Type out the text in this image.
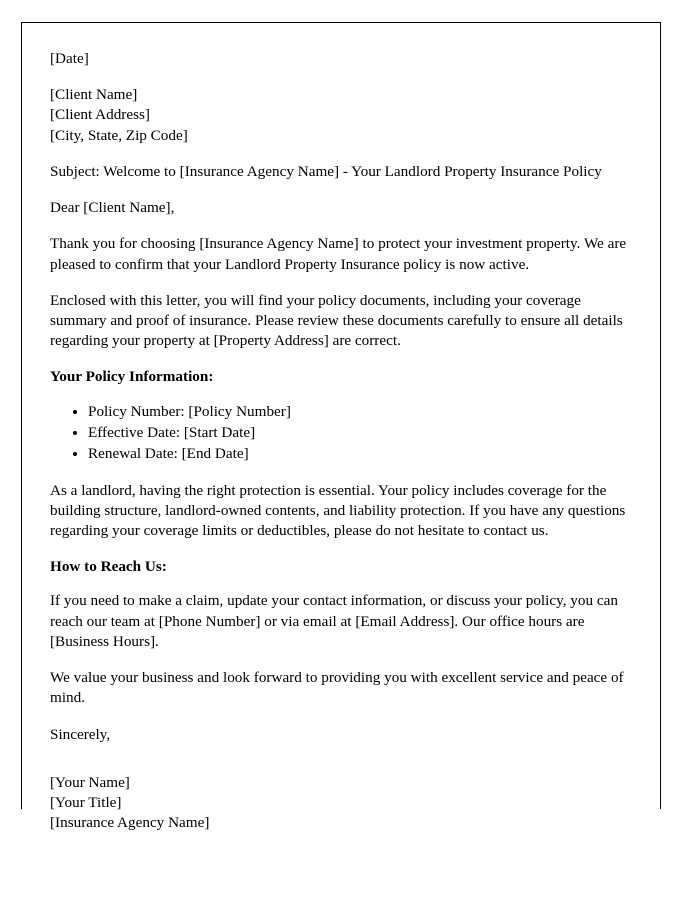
[Date]

[Client Name]
[Client Address]
[City, State, Zip Code]

Subject: Welcome to [Insurance Agency Name] - Your Landlord Property Insurance Policy

Dear [Client Name],

Thank you for choosing [Insurance Agency Name] to protect your investment property. We are pleased to confirm that your Landlord Property Insurance policy is now active.

Enclosed with this letter, you will find your policy documents, including your coverage summary and proof of insurance. Please review these documents carefully to ensure all details regarding your property at [Property Address] are correct.

Your Policy Information:
• Policy Number: [Policy Number]
• Effective Date: [Start Date]
• Renewal Date: [End Date]

As a landlord, having the right protection is essential. Your policy includes coverage for the building structure, landlord-owned contents, and liability protection. If you have any questions regarding your coverage limits or deductibles, please do not hesitate to contact us.

How to Reach Us:

If you need to make a claim, update your contact information, or discuss your policy, you can reach our team at [Phone Number] or via email at [Email Address]. Our office hours are [Business Hours].

We value your business and look forward to providing you with excellent service and peace of mind.

Sincerely,

[Your Name]
[Your Title]
[Insurance Agency Name]
